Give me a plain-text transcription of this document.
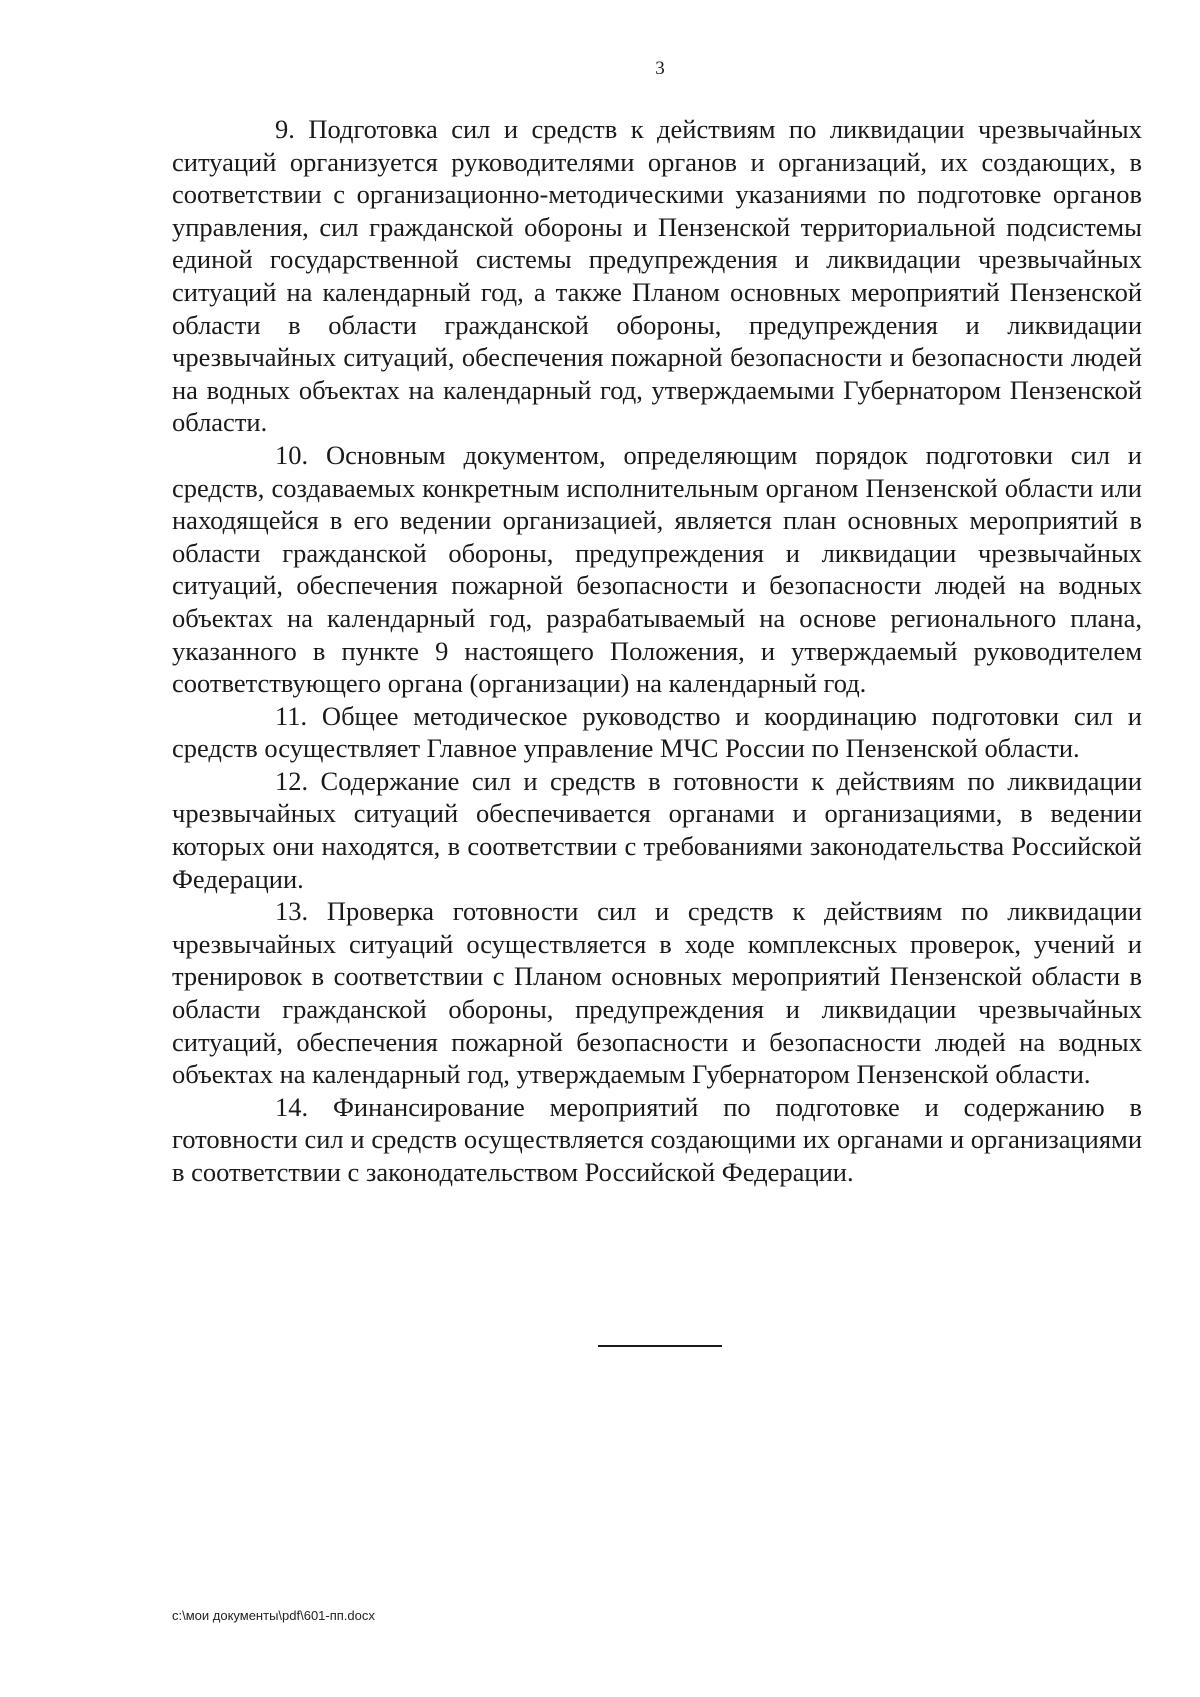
3

9. Подготовка сил и средств к действиям по ликвидации чрезвычайных ситуаций организуется руководителями органов и организаций, их создающих, в соответствии с организационно-методическими указаниями по подготовке органов управления, сил гражданской обороны и Пензенской территориальной подсистемы единой государственной системы предупреждения и ликвидации чрезвычайных ситуаций на календарный год, а также Планом основных мероприятий Пензенской области в области гражданской обороны, предупреждения и ликвидации чрезвычайных ситуаций, обеспечения пожарной безопасности и безопасности людей на водных объектах на календарный год, утверждаемыми Губернатором Пензенской области.

10. Основным документом, определяющим порядок подготовки сил и средств, создаваемых конкретным исполнительным органом Пензенской области или находящейся в его ведении организацией, является план основных мероприятий в области гражданской обороны, предупреждения и ликвидации чрезвычайных ситуаций, обеспечения пожарной безопасности и безопасности людей на водных объектах на календарный год, разрабатываемый на основе регионального плана, указанного в пункте 9 настоящего Положения, и утверждаемый руководителем соответствующего органа (организации) на календарный год.

11. Общее методическое руководство и координацию подготовки сил и средств осуществляет Главное управление МЧС России по Пензенской области.

12. Содержание сил и средств в готовности к действиям по ликвидации чрезвычайных ситуаций обеспечивается органами и организациями, в ведении которых они находятся, в соответствии с требованиями законодательства Российской Федерации.

13. Проверка готовности сил и средств к действиям по ликвидации чрезвычайных ситуаций осуществляется в ходе комплексных проверок, учений и тренировок в соответствии с Планом основных мероприятий Пензенской области в области гражданской обороны, предупреждения и ликвидации чрезвычайных ситуаций, обеспечения пожарной безопасности и безопасности людей на водных объектах на календарный год, утверждаемым Губернатором Пензенской области.

14. Финансирование мероприятий по подготовке и содержанию в готовности сил и средств осуществляется создающими их органами и организациями в соответствии с законодательством Российской Федерации.

c:\мои документы\pdf\601-пп.docx
